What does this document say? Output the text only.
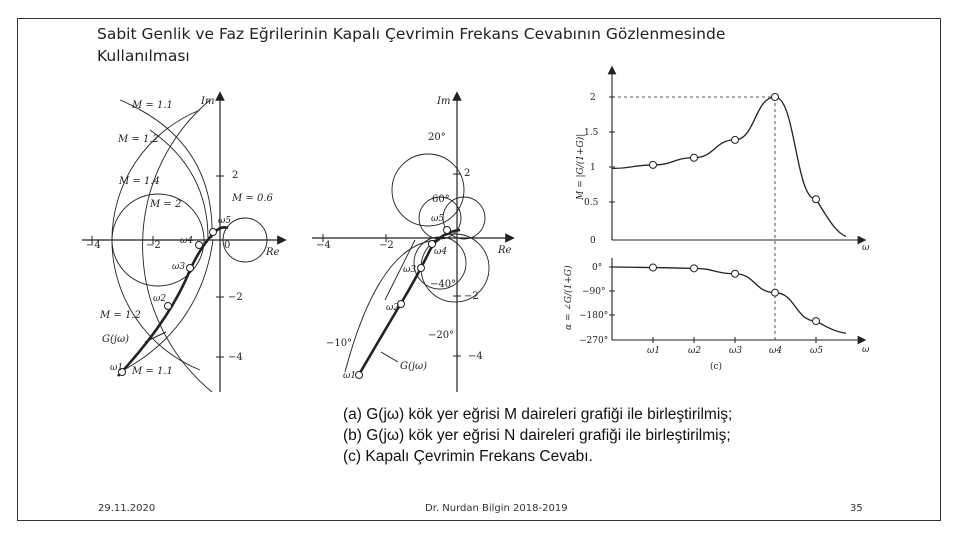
Sabit Genlik ve Faz Eğrilerinin Kapalı Çevrimin Frekans Cevabının Gözlenmesinde Kullanılması
Im
Re
−4	−2	0
2
−2
−4
M = 1.1
M = 1.2
M = 1.4
M = 2
M = 0.6
M = 1.2
M = 1.1
G(jω)
ω5
ω4
ω3
ω2
ω1
Im
Re
−4	−2
2
−2
−4
20°
60°
−40°
−20°
−10°
G(jω)
ω5
ω4
ω3
ω2
ω1
2
1.5
1
0.5
0
0°
−90°
−180°
−270°
M = |G/(1+G)|
α = ∠G/(1+G)
ω
ω
ω1	ω2	ω3	ω4	ω5
(c)
(a) G(jω) kök yer eğrisi M daireleri grafiği ile birleştirilmiş;
(b) G(jω) kök yer eğrisi N daireleri grafiği ile birleştirilmiş;
(c) Kapalı Çevrimin Frekans Cevabı.
29.11.2020	Dr. Nurdan Bilgin 2018-2019	35
